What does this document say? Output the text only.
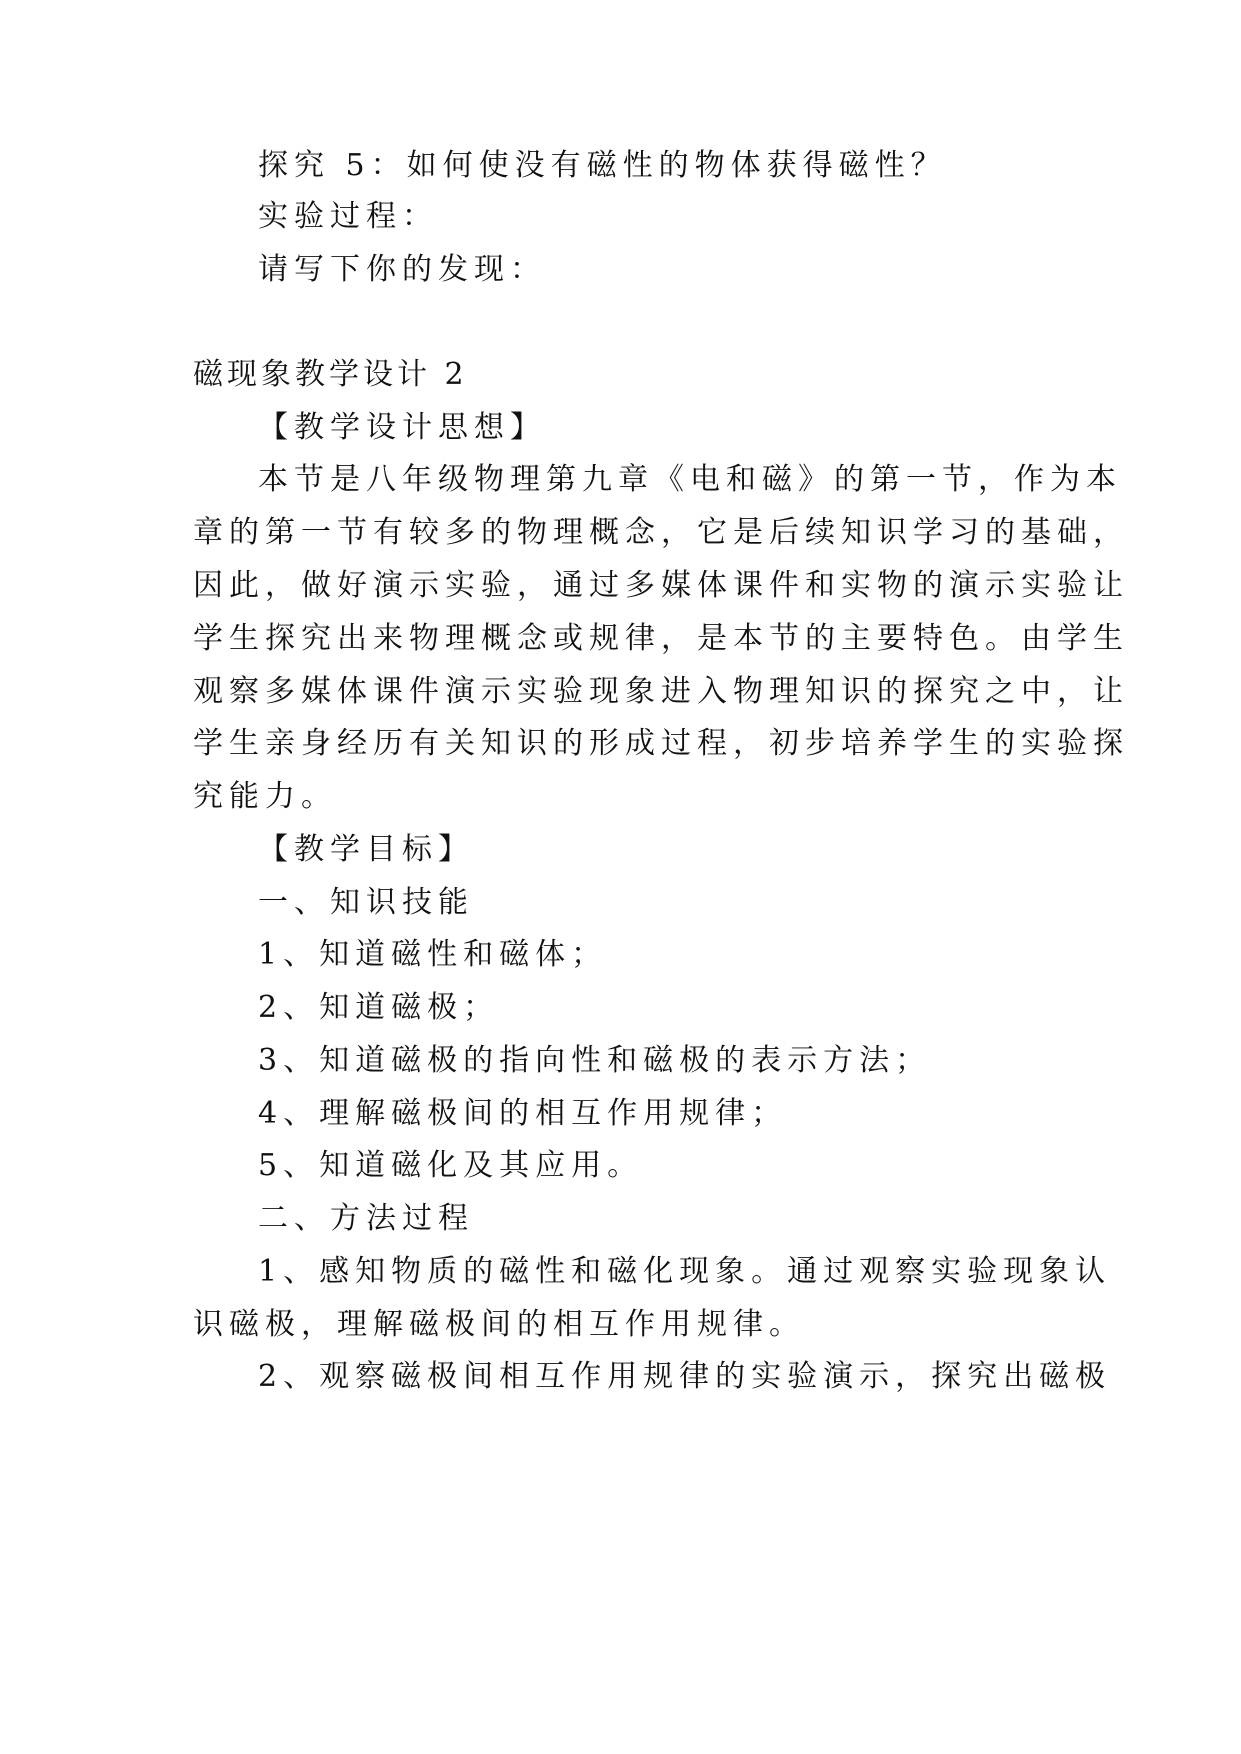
探究 5：如何使没有磁性的物体获得磁性？
实验过程：
请写下你的发现：
磁现象教学设计 2
【教学设计思想】
本节是八年级物理第九章《电和磁》的第一节，作为本
章的第一节有较多的物理概念，它是后续知识学习的基础，
因此，做好演示实验，通过多媒体课件和实物的演示实验让
学生探究出来物理概念或规律，是本节的主要特色。由学生
观察多媒体课件演示实验现象进入物理知识的探究之中，让
学生亲身经历有关知识的形成过程，初步培养学生的实验探
究能力。
【教学目标】
一、知识技能
1、知道磁性和磁体；
2、知道磁极；
3、知道磁极的指向性和磁极的表示方法；
4、理解磁极间的相互作用规律；
5、知道磁化及其应用。
二、方法过程
1、感知物质的磁性和磁化现象。通过观察实验现象认
识磁极，理解磁极间的相互作用规律。
2、观察磁极间相互作用规律的实验演示，探究出磁极
